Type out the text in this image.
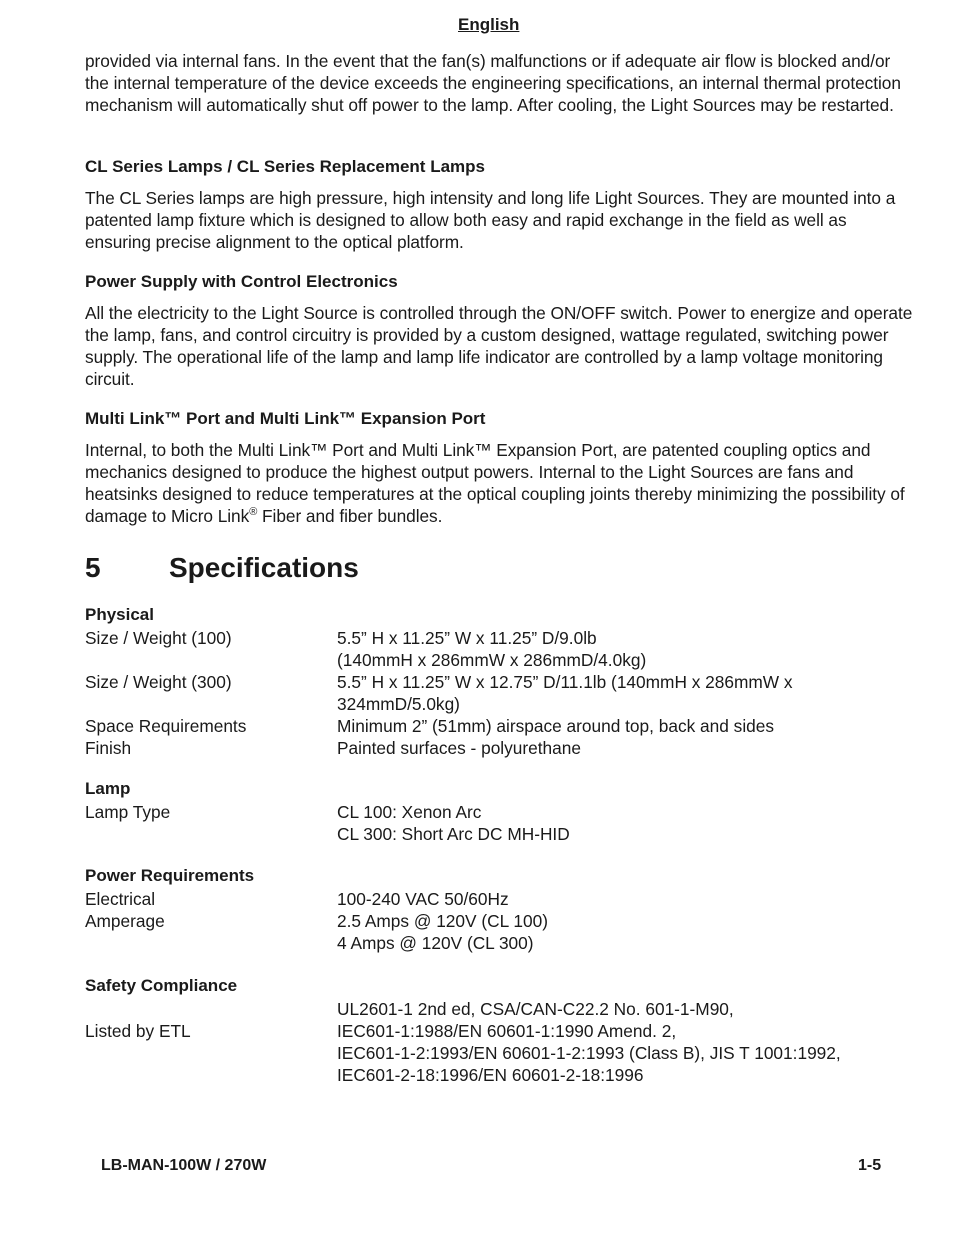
English

provided via internal fans. In the event that the fan(s) malfunctions or if adequate air flow is blocked and/or the internal temperature of the device exceeds the engineering specifications, an internal thermal protection mechanism will automatically shut off power to the lamp. After cooling, the Light Sources may be restarted.

CL Series Lamps / CL Series Replacement Lamps

The CL Series lamps are high pressure, high intensity and long life Light Sources. They are mounted into a patented lamp fixture which is designed to allow both easy and rapid exchange in the field as well as ensuring precise alignment to the optical platform.

Power Supply with Control Electronics

All the electricity to the Light Source is controlled through the ON/OFF switch. Power to energize and operate the lamp, fans, and control circuitry is provided by a custom designed, wattage regulated, switching power supply. The operational life of the lamp and lamp life indicator are controlled by a lamp voltage monitoring circuit.

Multi Link™ Port and Multi Link™ Expansion Port

Internal, to both the Multi Link™ Port and Multi Link™ Expansion Port, are patented coupling optics and mechanics designed to produce the highest output powers. Internal to the Light Sources are fans and heatsinks designed to reduce temperatures at the optical coupling joints thereby minimizing the possibility of damage to Micro Link® Fiber and fiber bundles.

5	Specifications
Physical
Size / Weight (100)	5.5” H x 11.25” W x 11.25” D/9.0lb
(140mmH x 286mmW x 286mmD/4.0kg)
Size / Weight (300)	5.5” H x 11.25” W x 12.75” D/11.1lb (140mmH x 286mmW x
324mmD/5.0kg)
Space Requirements	Minimum 2” (51mm) airspace around top, back and sides
Finish	Painted surfaces - polyurethane
Lamp
Lamp Type	CL 100: Xenon Arc
CL 300: Short Arc DC MH-HID
Power Requirements
Electrical	100-240 VAC 50/60Hz
Amperage	2.5 Amps @ 120V (CL 100)
4 Amps @ 120V (CL 300)
Safety Compliance
UL2601-1 2nd ed, CSA/CAN-C22.2 No. 601-1-M90,
Listed by ETL	IEC601-1:1988/EN 60601-1:1990 Amend. 2,
IEC601-1-2:1993/EN 60601-1-2:1993 (Class B), JIS T 1001:1992,
IEC601-2-18:1996/EN 60601-2-18:1996
LB-MAN-100W / 270W	1-5
